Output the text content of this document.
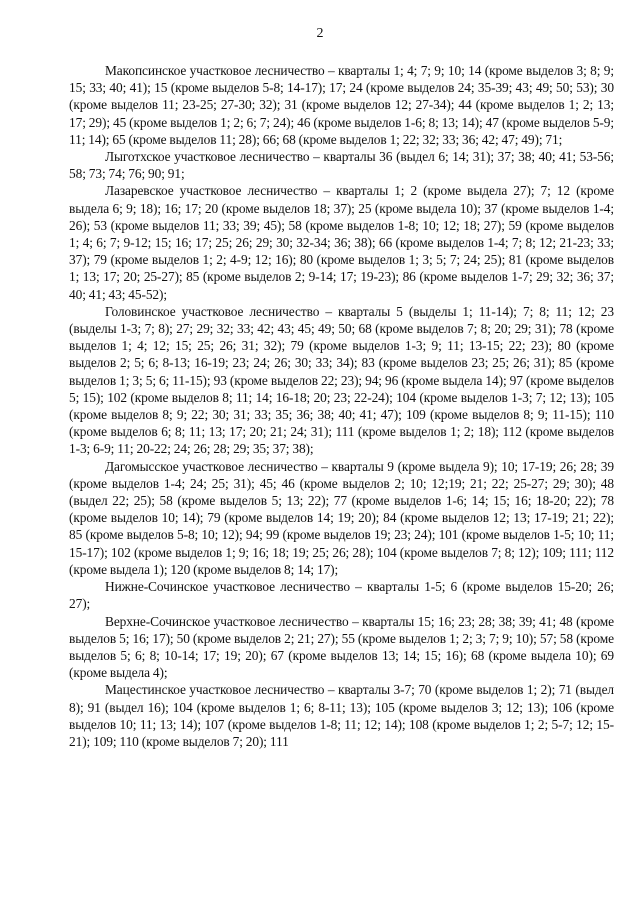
2

Макопсинское участковое лесничество – кварталы 1; 4; 7; 9; 10; 14 (кроме выделов 3; 8; 9; 15; 33; 40; 41); 15 (кроме выделов 5-8; 14-17); 17; 24 (кроме выделов 24; 35-39; 43; 49; 50; 53); 30 (кроме выделов 11; 23-25; 27-30; 32); 31 (кроме выделов 12; 27-34); 44 (кроме выделов 1; 2; 13; 17; 29); 45 (кроме выделов 1; 2; 6; 7; 24); 46 (кроме выделов 1-6; 8; 13; 14); 47 (кроме выделов 5-9; 11; 14); 65 (кроме выделов 11; 28); 66; 68 (кроме выделов 1; 22; 32; 33; 36; 42; 47; 49); 71;

Лыготхское участковое лесничество – кварталы 36 (выдел 6; 14; 31); 37; 38; 40; 41; 53-56; 58; 73; 74; 76; 90; 91;

Лазаревское участковое лесничество – кварталы 1; 2 (кроме выдела 27); 7; 12 (кроме выдела 6; 9; 18); 16; 17; 20 (кроме выделов 18; 37); 25 (кроме выдела 10); 37 (кроме выделов 1-4; 26); 53 (кроме выделов 11; 33; 39; 45); 58 (кроме выделов 1-8; 10; 12; 18; 27); 59 (кроме выделов 1; 4; 6; 7; 9-12; 15; 16; 17; 25; 26; 29; 30; 32-34; 36; 38); 66 (кроме выделов 1-4; 7; 8; 12; 21-23; 33; 37); 79 (кроме выделов 1; 2; 4-9; 12; 16); 80 (кроме выделов 1; 3; 5; 7; 24; 25); 81 (кроме выделов 1; 13; 17; 20; 25-27); 85 (кроме выделов 2; 9-14; 17; 19-23); 86 (кроме выделов 1-7; 29; 32; 36; 37; 40; 41; 43; 45-52);

Головинское участковое лесничество – кварталы 5 (выделы 1; 11-14); 7; 8; 11; 12; 23 (выделы 1-3; 7; 8); 27; 29; 32; 33; 42; 43; 45; 49; 50; 68 (кроме выделов 7; 8; 20; 29; 31); 78 (кроме выделов 1; 4; 12; 15; 25; 26; 31; 32); 79 (кроме выделов 1-3; 9; 11; 13-15; 22; 23); 80 (кроме выделов 2; 5; 6; 8-13; 16-19; 23; 24; 26; 30; 33; 34); 83 (кроме выделов 23; 25; 26; 31); 85 (кроме выделов 1; 3; 5; 6; 11-15); 93 (кроме выделов 22; 23); 94; 96 (кроме выдела 14); 97 (кроме выделов 5; 15); 102 (кроме выделов 8; 11; 14; 16-18; 20; 23; 22-24); 104 (кроме выделов 1-3; 7; 12; 13); 105 (кроме выделов 8; 9; 22; 30; 31; 33; 35; 36; 38; 40; 41; 47); 109 (кроме выделов 8; 9; 11-15); 110 (кроме выделов 6; 8; 11; 13; 17; 20; 21; 24; 31); 111 (кроме выделов 1; 2; 18); 112 (кроме выделов 1-3; 6-9; 11; 20-22; 24; 26; 28; 29; 35; 37; 38);

Дагомысское участковое лесничество – кварталы 9 (кроме выдела 9); 10; 17-19; 26; 28; 39 (кроме выделов 1-4; 24; 25; 31); 45; 46 (кроме выделов 2; 10; 12;19; 21; 22; 25-27; 29; 30); 48 (выдел 22; 25); 58 (кроме выделов 5; 13; 22); 77 (кроме выделов 1-6; 14; 15; 16; 18-20; 22); 78 (кроме выделов 10; 14); 79 (кроме выделов 14; 19; 20); 84 (кроме выделов 12; 13; 17-19; 21; 22); 85 (кроме выделов 5-8; 10; 12); 94; 99 (кроме выделов 19; 23; 24); 101 (кроме выделов 1-5; 10; 11; 15-17); 102 (кроме выделов 1; 9; 16; 18; 19; 25; 26; 28); 104 (кроме выделов 7; 8; 12); 109; 111; 112 (кроме выдела 1); 120 (кроме выделов 8; 14; 17);

Нижне-Сочинское участковое лесничество – кварталы 1-5; 6 (кроме выделов 15-20; 26; 27);

Верхне-Сочинское участковое лесничество – кварталы 15; 16; 23; 28; 38; 39; 41; 48 (кроме выделов 5; 16; 17); 50 (кроме выделов 2; 21; 27); 55 (кроме выделов 1; 2; 3; 7; 9; 10); 57; 58 (кроме выделов 5; 6; 8; 10-14; 17; 19; 20); 67 (кроме выделов 13; 14; 15; 16); 68 (кроме выдела 10); 69 (кроме выдела 4);

Мацестинское участковое лесничество – кварталы 3-7; 70 (кроме выделов 1; 2); 71 (выдел 8); 91 (выдел 16); 104 (кроме выделов 1; 6; 8-11; 13); 105 (кроме выделов 3; 12; 13); 106 (кроме выделов 10; 11; 13; 14); 107 (кроме выделов 1-8; 11; 12; 14); 108 (кроме выделов 1; 2; 5-7; 12; 15-21); 109; 110 (кроме выделов 7; 20); 111
